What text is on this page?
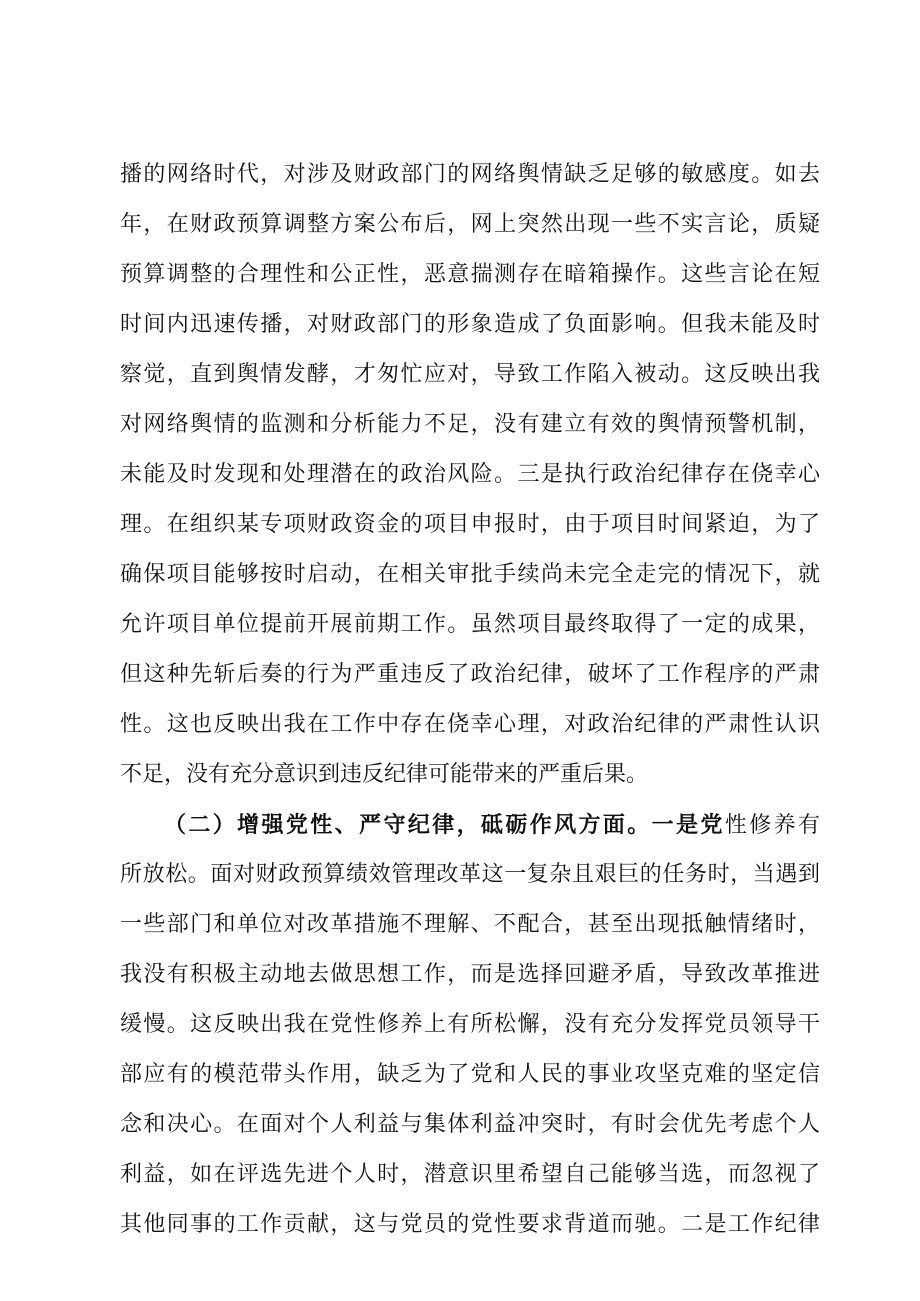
播的网络时代，对涉及财政部门的网络舆情缺乏足够的敏感度。如去
年，在财政预算调整方案公布后，网上突然出现一些不实言论，质疑
预算调整的合理性和公正性，恶意揣测存在暗箱操作。这些言论在短
时间内迅速传播，对财政部门的形象造成了负面影响。但我未能及时
察觉，直到舆情发酵，才匆忙应对，导致工作陷入被动。这反映出我
对网络舆情的监测和分析能力不足，没有建立有效的舆情预警机制，
未能及时发现和处理潜在的政治风险。三是执行政治纪律存在侥幸心
理。在组织某专项财政资金的项目申报时，由于项目时间紧迫，为了
确保项目能够按时启动，在相关审批手续尚未完全走完的情况下，就
允许项目单位提前开展前期工作。虽然项目最终取得了一定的成果，
但这种先斩后奏的行为严重违反了政治纪律，破坏了工作程序的严肃
性。这也反映出我在工作中存在侥幸心理，对政治纪律的严肃性认识
不足，没有充分意识到违反纪律可能带来的严重后果。
（二）增强党性、严守纪律，砥砺作风方面。一是党性修养有
所放松。面对财政预算绩效管理改革这一复杂且艰巨的任务时，当遇到
一些部门和单位对改革措施不理解、不配合，甚至出现抵触情绪时，
我没有积极主动地去做思想工作，而是选择回避矛盾，导致改革推进
缓慢。这反映出我在党性修养上有所松懈，没有充分发挥党员领导干
部应有的模范带头作用，缺乏为了党和人民的事业攻坚克难的坚定信
念和决心。在面对个人利益与集体利益冲突时，有时会优先考虑个人
利益，如在评选先进个人时，潜意识里希望自己能够当选，而忽视了
其他同事的工作贡献，这与党员的党性要求背道而驰。二是工作纪律
